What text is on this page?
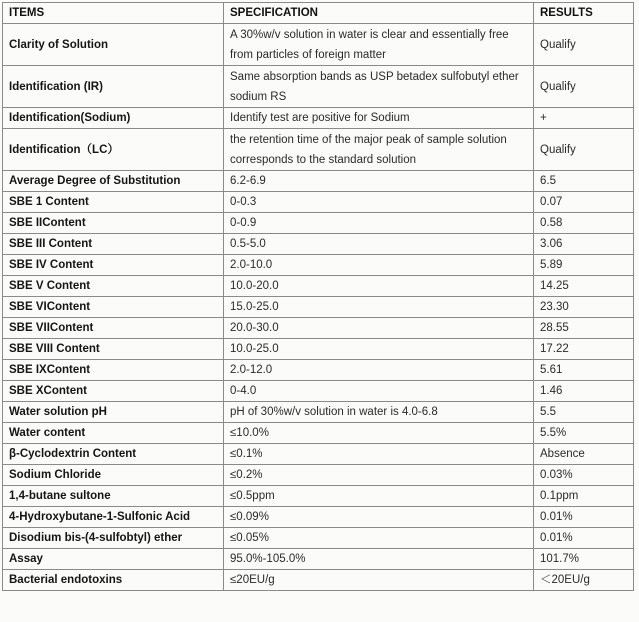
ITEMS	SPECIFICATION	RESULTS
Clarity of Solution	A 30%w/v solution in water is clear and essentially free from particles of foreign matter	Qualify
Identification (IR)	Same absorption bands as USP betadex sulfobutyl ether sodium RS	Qualify
Identification(Sodium)	Identify test are positive for Sodium	+
Identification（LC）	the retention time of the major peak of sample solution corresponds to the standard solution	Qualify
Average Degree of Substitution	6.2-6.9	6.5
SBE 1 Content	0-0.3	0.07
SBE IIContent	0-0.9	0.58
SBE III Content	0.5-5.0	3.06
SBE IV Content	2.0-10.0	5.89
SBE V Content	10.0-20.0	14.25
SBE VIContent	15.0-25.0	23.30
SBE VIIContent	20.0-30.0	28.55
SBE VIII Content	10.0-25.0	17.22
SBE IXContent	2.0-12.0	5.61
SBE XContent	0-4.0	1.46
Water solution pH	pH of 30%w/v solution in water is 4.0-6.8	5.5
Water content	≤10.0%	5.5%
β-Cyclodextrin Content	≤0.1%	Absence
Sodium Chloride	≤0.2%	0.03%
1,4-butane sultone	≤0.5ppm	0.1ppm
4-Hydroxybutane-1-Sulfonic Acid	≤0.09%	0.01%
Disodium bis-(4-sulfobtyl) ether	≤0.05%	0.01%
Assay	95.0%-105.0%	101.7%
Bacterial endotoxins	≤20EU/g	＜20EU/g
